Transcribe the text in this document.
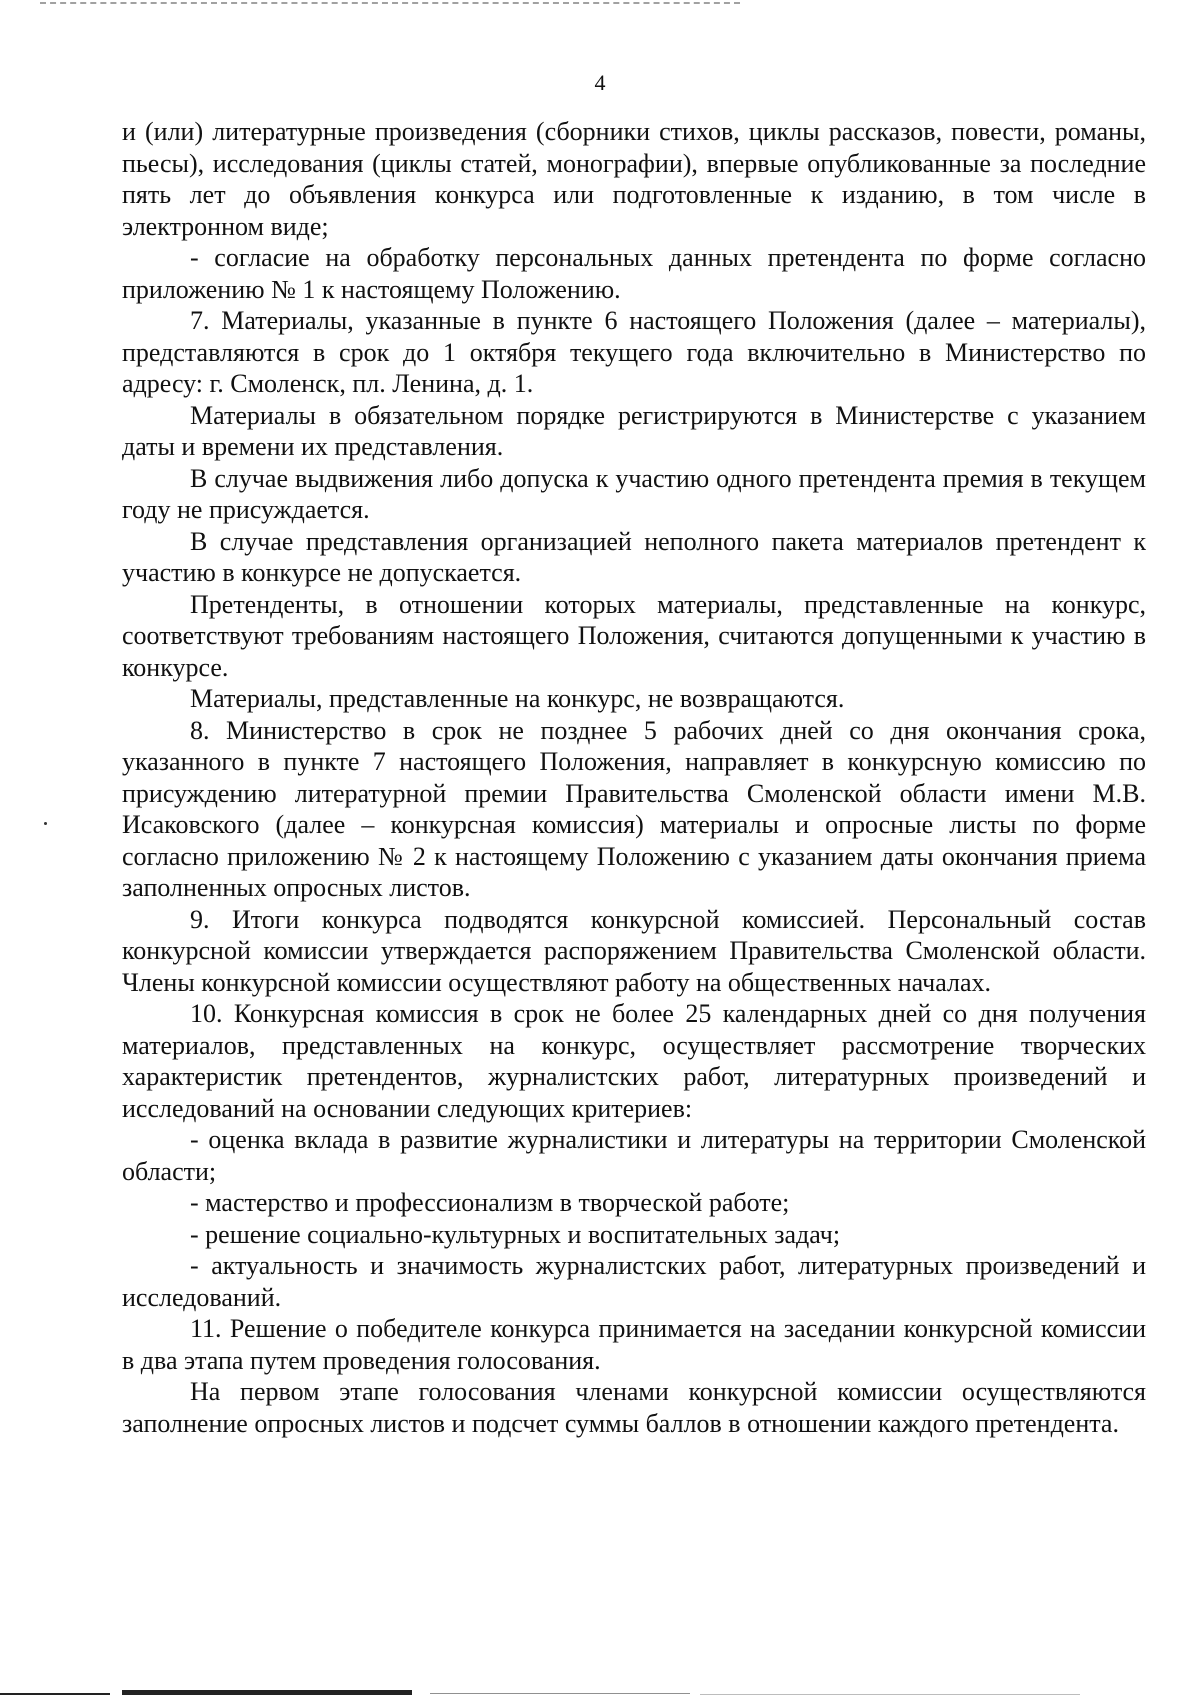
4

и (или) литературные произведения (сборники стихов, циклы рассказов, повести, романы, пьесы), исследования (циклы статей, монографии), впервые опубликованные за последние пять лет до объявления конкурса или подготовленные к изданию, в том числе в электронном виде;

- согласие на обработку персональных данных претендента по форме согласно приложению № 1 к настоящему Положению.

7. Материалы, указанные в пункте 6 настоящего Положения (далее – материалы), представляются в срок до 1 октября текущего года включительно в Министерство по адресу: г. Смоленск, пл. Ленина, д. 1.

Материалы в обязательном порядке регистрируются в Министерстве с указанием даты и времени их представления.

В случае выдвижения либо допуска к участию одного претендента премия в текущем году не присуждается.

В случае представления организацией неполного пакета материалов претендент к участию в конкурсе не допускается.

Претенденты, в отношении которых материалы, представленные на конкурс, соответствуют требованиям настоящего Положения, считаются допущенными к участию в конкурсе.

Материалы, представленные на конкурс, не возвращаются.

8. Министерство в срок не позднее 5 рабочих дней со дня окончания срока, указанного в пункте 7 настоящего Положения, направляет в конкурсную комиссию по присуждению литературной премии Правительства Смоленской области имени М.В. Исаковского (далее – конкурсная комиссия) материалы и опросные листы по форме согласно приложению № 2 к настоящему Положению с указанием даты окончания приема заполненных опросных листов.

9. Итоги конкурса подводятся конкурсной комиссией. Персональный состав конкурсной комиссии утверждается распоряжением Правительства Смоленской области. Члены конкурсной комиссии осуществляют работу на общественных началах.

10. Конкурсная комиссия в срок не более 25 календарных дней со дня получения материалов, представленных на конкурс, осуществляет рассмотрение творческих характеристик претендентов, журналистских работ, литературных произведений и исследований на основании следующих критериев:

- оценка вклада в развитие журналистики и литературы на территории Смоленской области;

- мастерство и профессионализм в творческой работе;

- решение социально-культурных и воспитательных задач;

- актуальность и значимость журналистских работ, литературных произведений и исследований.

11. Решение о победителе конкурса принимается на заседании конкурсной комиссии в два этапа путем проведения голосования.

На первом этапе голосования членами конкурсной комиссии осуществляются заполнение опросных листов и подсчет суммы баллов в отношении каждого претендента.
